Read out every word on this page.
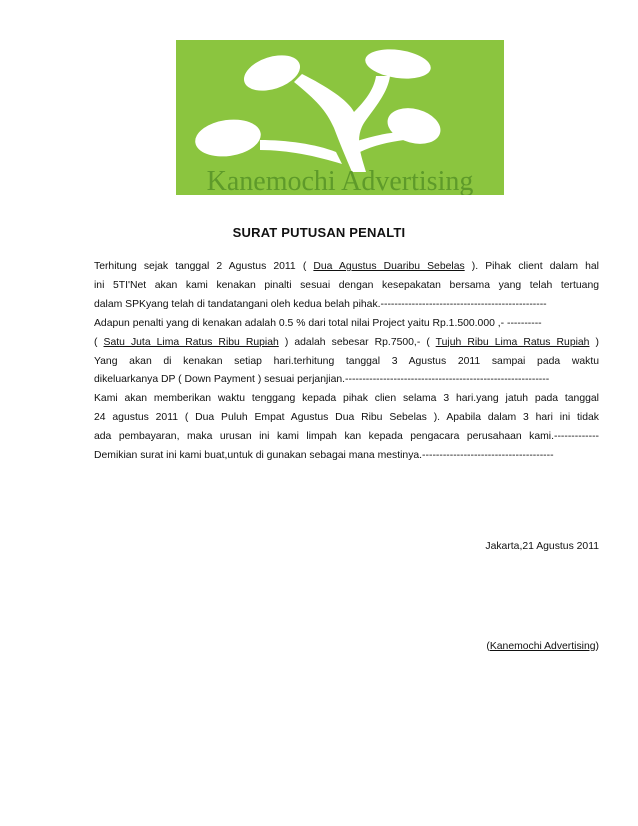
Kanemochi Advertising
SURAT PUTUSAN PENALTI

Terhitung sejak tanggal 2 Agustus 2011 ( Dua Agustus Duaribu Sebelas ). Pihak client dalam hal

ini 5TI'Net akan kami kenakan pinalti sesuai dengan kesepakatan bersama yang telah tertuang

dalam SPKyang telah di tandatangani oleh kedua belah pihak.------------------------------------------------

Adapun penalti yang di kenakan adalah 0.5 % dari total nilai Project yaitu Rp.1.500.000 ,- ----------

( Satu Juta Lima Ratus Ribu Rupiah ) adalah sebesar Rp.7500,- ( Tujuh Ribu Lima Ratus Rupiah )

Yang akan di kenakan setiap hari.terhitung tanggal 3 Agustus 2011 sampai pada waktu

dikeluarkanya DP ( Down Payment ) sesuai perjanjian.-----------------------------------------------------------

Kami akan memberikan waktu tenggang kepada pihak clien selama 3 hari.yang jatuh pada tanggal

24 agustus 2011 ( Dua Puluh Empat Agustus Dua Ribu Sebelas ). Apabila dalam 3 hari ini tidak

ada pembayaran, maka urusan ini kami limpah kan kepada pengacara perusahaan kami.-------------

Demikian surat ini kami buat,untuk di gunakan sebagai mana mestinya.--------------------------------------

Jakarta,21 Agustus 2011
(Kanemochi Advertising)
